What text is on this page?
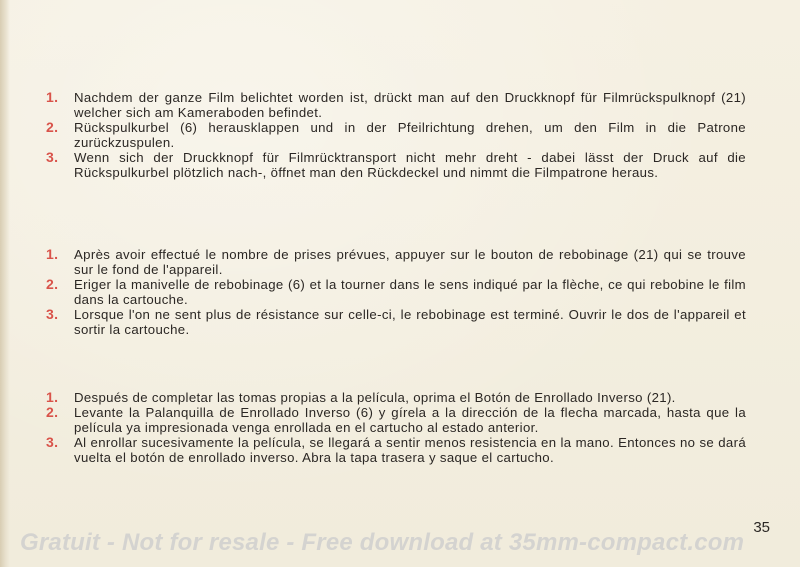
1. Nachdem der ganze Film belichtet worden ist, drückt man auf den Druckknopf für Filmrückspulknopf (21) welcher sich am Kameraboden befindet.
2. Rückspulkurbel (6) herausklappen und in der Pfeilrichtung drehen, um den Film in die Patrone zurückzuspulen.
3. Wenn sich der Druckknopf für Filmrücktransport nicht mehr dreht - dabei lässt der Druck auf die Rückspulkurbel plötzlich nach-, öffnet man den Rückdeckel und nimmt die Filmpatrone heraus.
1. Après avoir effectué le nombre de prises prévues, appuyer sur le bouton de rebobinage (21) qui se trouve sur le fond de l'appareil.
2. Eriger la manivelle de rebobinage (6) et la tourner dans le sens indiqué par la flèche, ce qui rebobine le film dans la cartouche.
3. Lorsque l'on ne sent plus de résistance sur celle-ci, le rebobinage est terminé. Ouvrir le dos de l'appareil et sortir la cartouche.
1. Después de completar las tomas propias a la película, oprima el Botón de Enrollado Inverso (21).
2. Levante la Palanquilla de Enrollado Inverso (6) y gírela a la dirección de la flecha marcada, hasta que la película ya impresionada venga enrollada en el cartucho al estado anterior.
3. Al enrollar sucesivamente la película, se llegará a sentir menos resistencia en la mano. Entonces no se dará vuelta el botón de enrollado inverso. Abra la tapa trasera y saque el cartucho.
35
Gratuit - Not for resale - Free download at 35mm-compact.com
